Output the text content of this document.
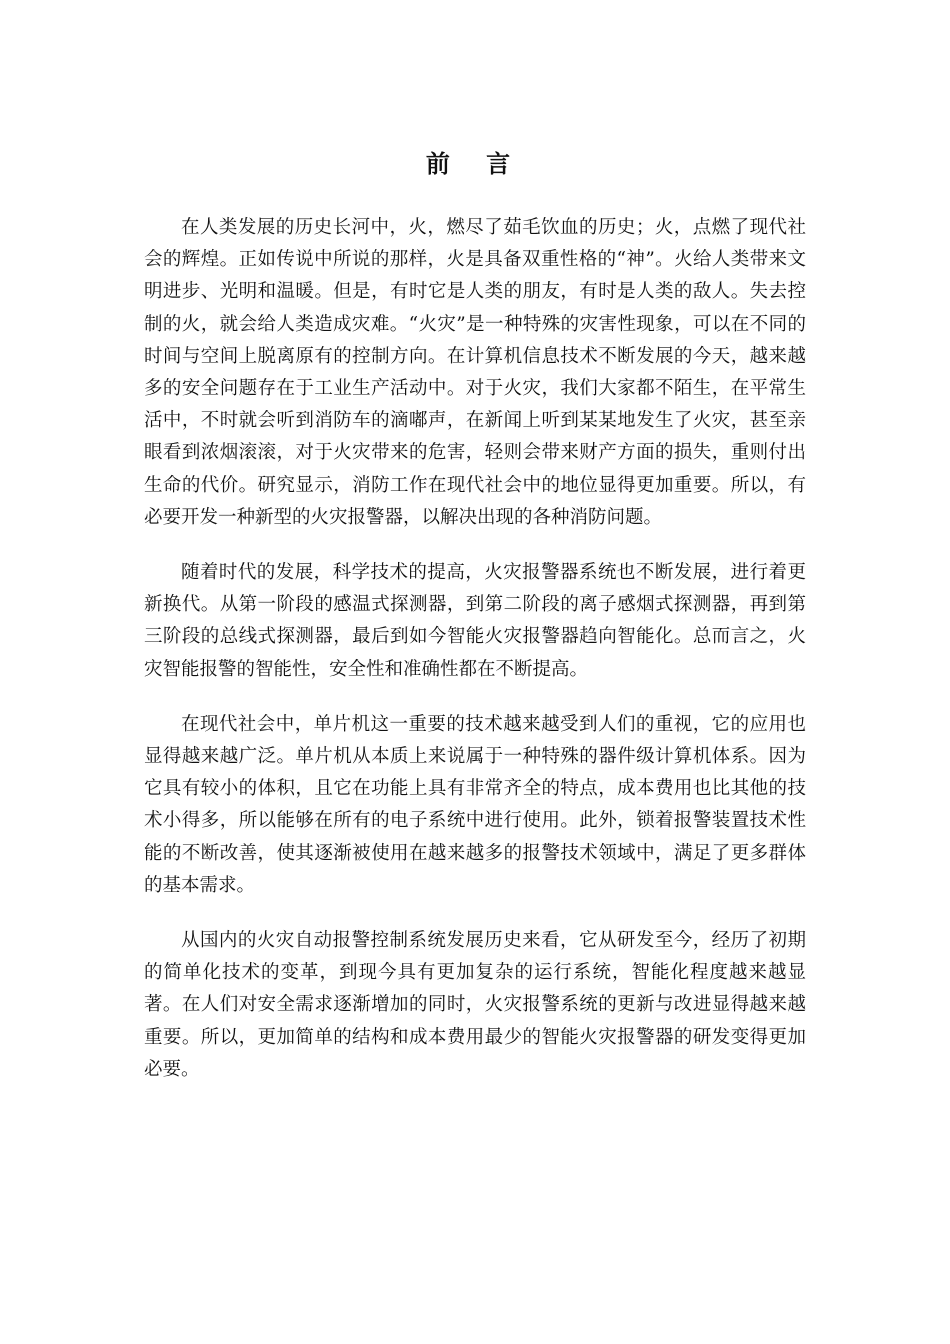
前 言

在人类发展的历史长河中，火，燃尽了茹毛饮血的历史；火，点燃了现代社会的辉煌。正如传说中所说的那样，火是具备双重性格的“神”。火给人类带来文明进步、光明和温暖。但是，有时它是人类的朋友，有时是人类的敌人。失去控制的火，就会给人类造成灾难。“火灾”是一种特殊的灾害性现象，可以在不同的时间与空间上脱离原有的控制方向。在计算机信息技术不断发展的今天，越来越多的安全问题存在于工业生产活动中。对于火灾，我们大家都不陌生，在平常生活中，不时就会听到消防车的滴嘟声，在新闻上听到某某地发生了火灾，甚至亲眼看到浓烟滚滚，对于火灾带来的危害，轻则会带来财产方面的损失，重则付出生命的代价。研究显示，消防工作在现代社会中的地位显得更加重要。所以，有必要开发一种新型的火灾报警器，以解决出现的各种消防问题。

随着时代的发展，科学技术的提高，火灾报警器系统也不断发展，进行着更新换代。从第一阶段的感温式探测器，到第二阶段的离子感烟式探测器，再到第三阶段的总线式探测器，最后到如今智能火灾报警器趋向智能化。总而言之，火灾智能报警的智能性，安全性和准确性都在不断提高。

在现代社会中，单片机这一重要的技术越来越受到人们的重视，它的应用也显得越来越广泛。单片机从本质上来说属于一种特殊的器件级计算机体系。因为它具有较小的体积，且它在功能上具有非常齐全的特点，成本费用也比其他的技术小得多，所以能够在所有的电子系统中进行使用。此外，锁着报警装置技术性能的不断改善，使其逐渐被使用在越来越多的报警技术领域中，满足了更多群体的基本需求。

从国内的火灾自动报警控制系统发展历史来看，它从研发至今，经历了初期的简单化技术的变革，到现今具有更加复杂的运行系统，智能化程度越来越显著。在人们对安全需求逐渐增加的同时，火灾报警系统的更新与改进显得越来越重要。所以，更加简单的结构和成本费用最少的智能火灾报警器的研发变得更加必要。
